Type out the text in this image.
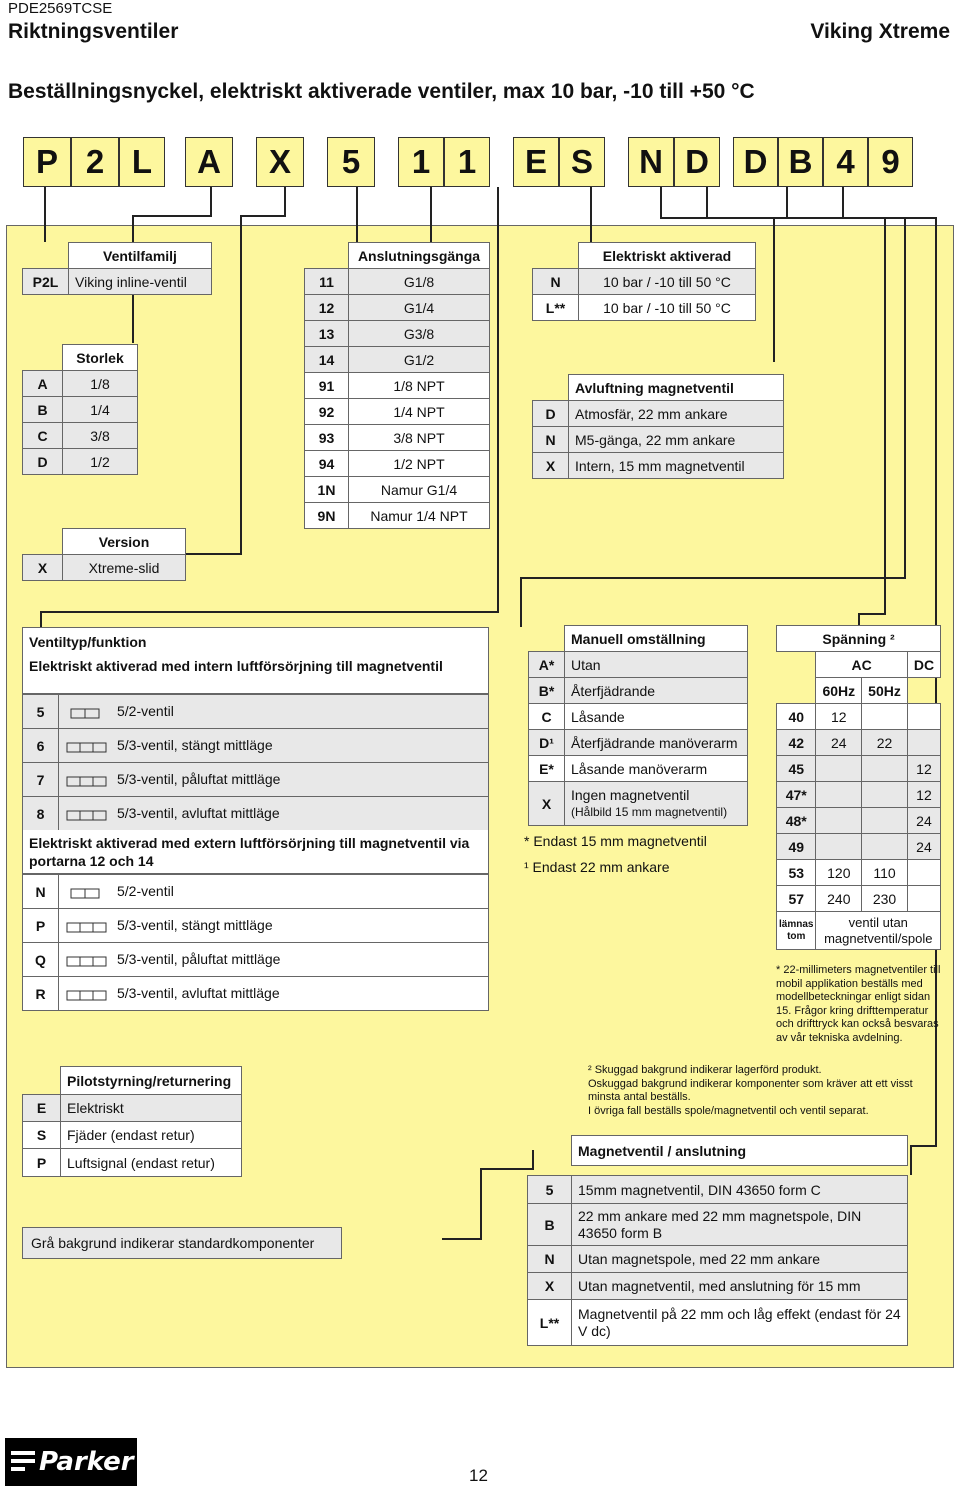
PDE2569TCSE
Riktningsventiler	Viking Xtreme
Beställningsnyckel, elektriskt aktiverade ventiler, max 10 bar, -10 till +50 °C
P 2 L	A	X	5	1 1	E S	N D	D B 4 9
	Ventilfamilj
P2L	Viking inline-ventil
	Storlek
A	1/8
B	1/4
C	3/8
D	1/2
	Version
X	Xtreme-slid
	Anslutningsgänga
11	G1/8
12	G1/4
13	G3/8
14	G1/2
91	1/8 NPT
92	1/4 NPT
93	3/8 NPT
94	1/2 NPT
1N	Namur G1/4
9N	Namur 1/4 NPT
	Elektriskt aktiverad
N	10 bar / -10 till 50 °C
L**	10 bar / -10 till 50 °C
	Avluftning magnetventil
D	Atmosfär, 22 mm ankare
N	M5-gänga, 22 mm ankare
X	Intern, 15 mm magnetventil
Ventiltyp/funktion
Elektriskt aktiverad med intern luftförsörjning till magnetventil
5	5/2-ventil
6	5/3-ventil, stängt mittläge
7	5/3-ventil, påluftat mittläge
8	5/3-ventil, avluftat mittläge
Elektriskt aktiverad med extern luftförsörjning till magnetventil via portarna 12 och 14
N	5/2-ventil
P	5/3-ventil, stängt mittläge
Q	5/3-ventil, påluftat mittläge
R	5/3-ventil, avluftat mittläge
	Manuell omställning
A*	Utan
B*	Återfjädrande
C	Låsande
D¹	Återfjädrande manöverarm
E*	Låsande manöverarm
X	Ingen magnetventil
(Hålbild 15 mm magnetventil)
* Endast 15 mm magnetventil
¹ Endast 22 mm ankare
Spänning ²			
	AC		DC
	60Hz	50Hz	
40	12		
42	24	22	
45			12
47*			12
48*			24
49			24
53	120	110	
57	240	230	
lämnas tom	ventil utan magnetventil/spole		
* 22-millimeters magnetventiler till mobil applikation beställs med modellbeteckningar enligt sidan 15. Frågor kring drifttemperatur och drifttryck kan också besvaras av vår tekniska avdelning.
² Skuggad bakgrund indikerar lagerförd produkt.
Oskuggad bakgrund indikerar komponenter som kräver att ett visst minsta antal beställs.
I övriga fall beställs spole/magnetventil och ventil separat.
	Pilotstyrning/returnering
E	Elektriskt
S	Fjäder (endast retur)
P	Luftsignal (endast retur)
Grå bakgrund indikerar standardkomponenter
	Magnetventil / anslutning

5	15mm magnetventil, DIN 43650 form C
B	22 mm ankare med 22 mm magnetspole, DIN 43650 form B
N	Utan magnetspole, med 22 mm ankare
X	Utan magnetventil, med anslutning för 15 mm
L**	Magnetventil på 22 mm och låg effekt (endast för 24 V dc)
Parker	12
